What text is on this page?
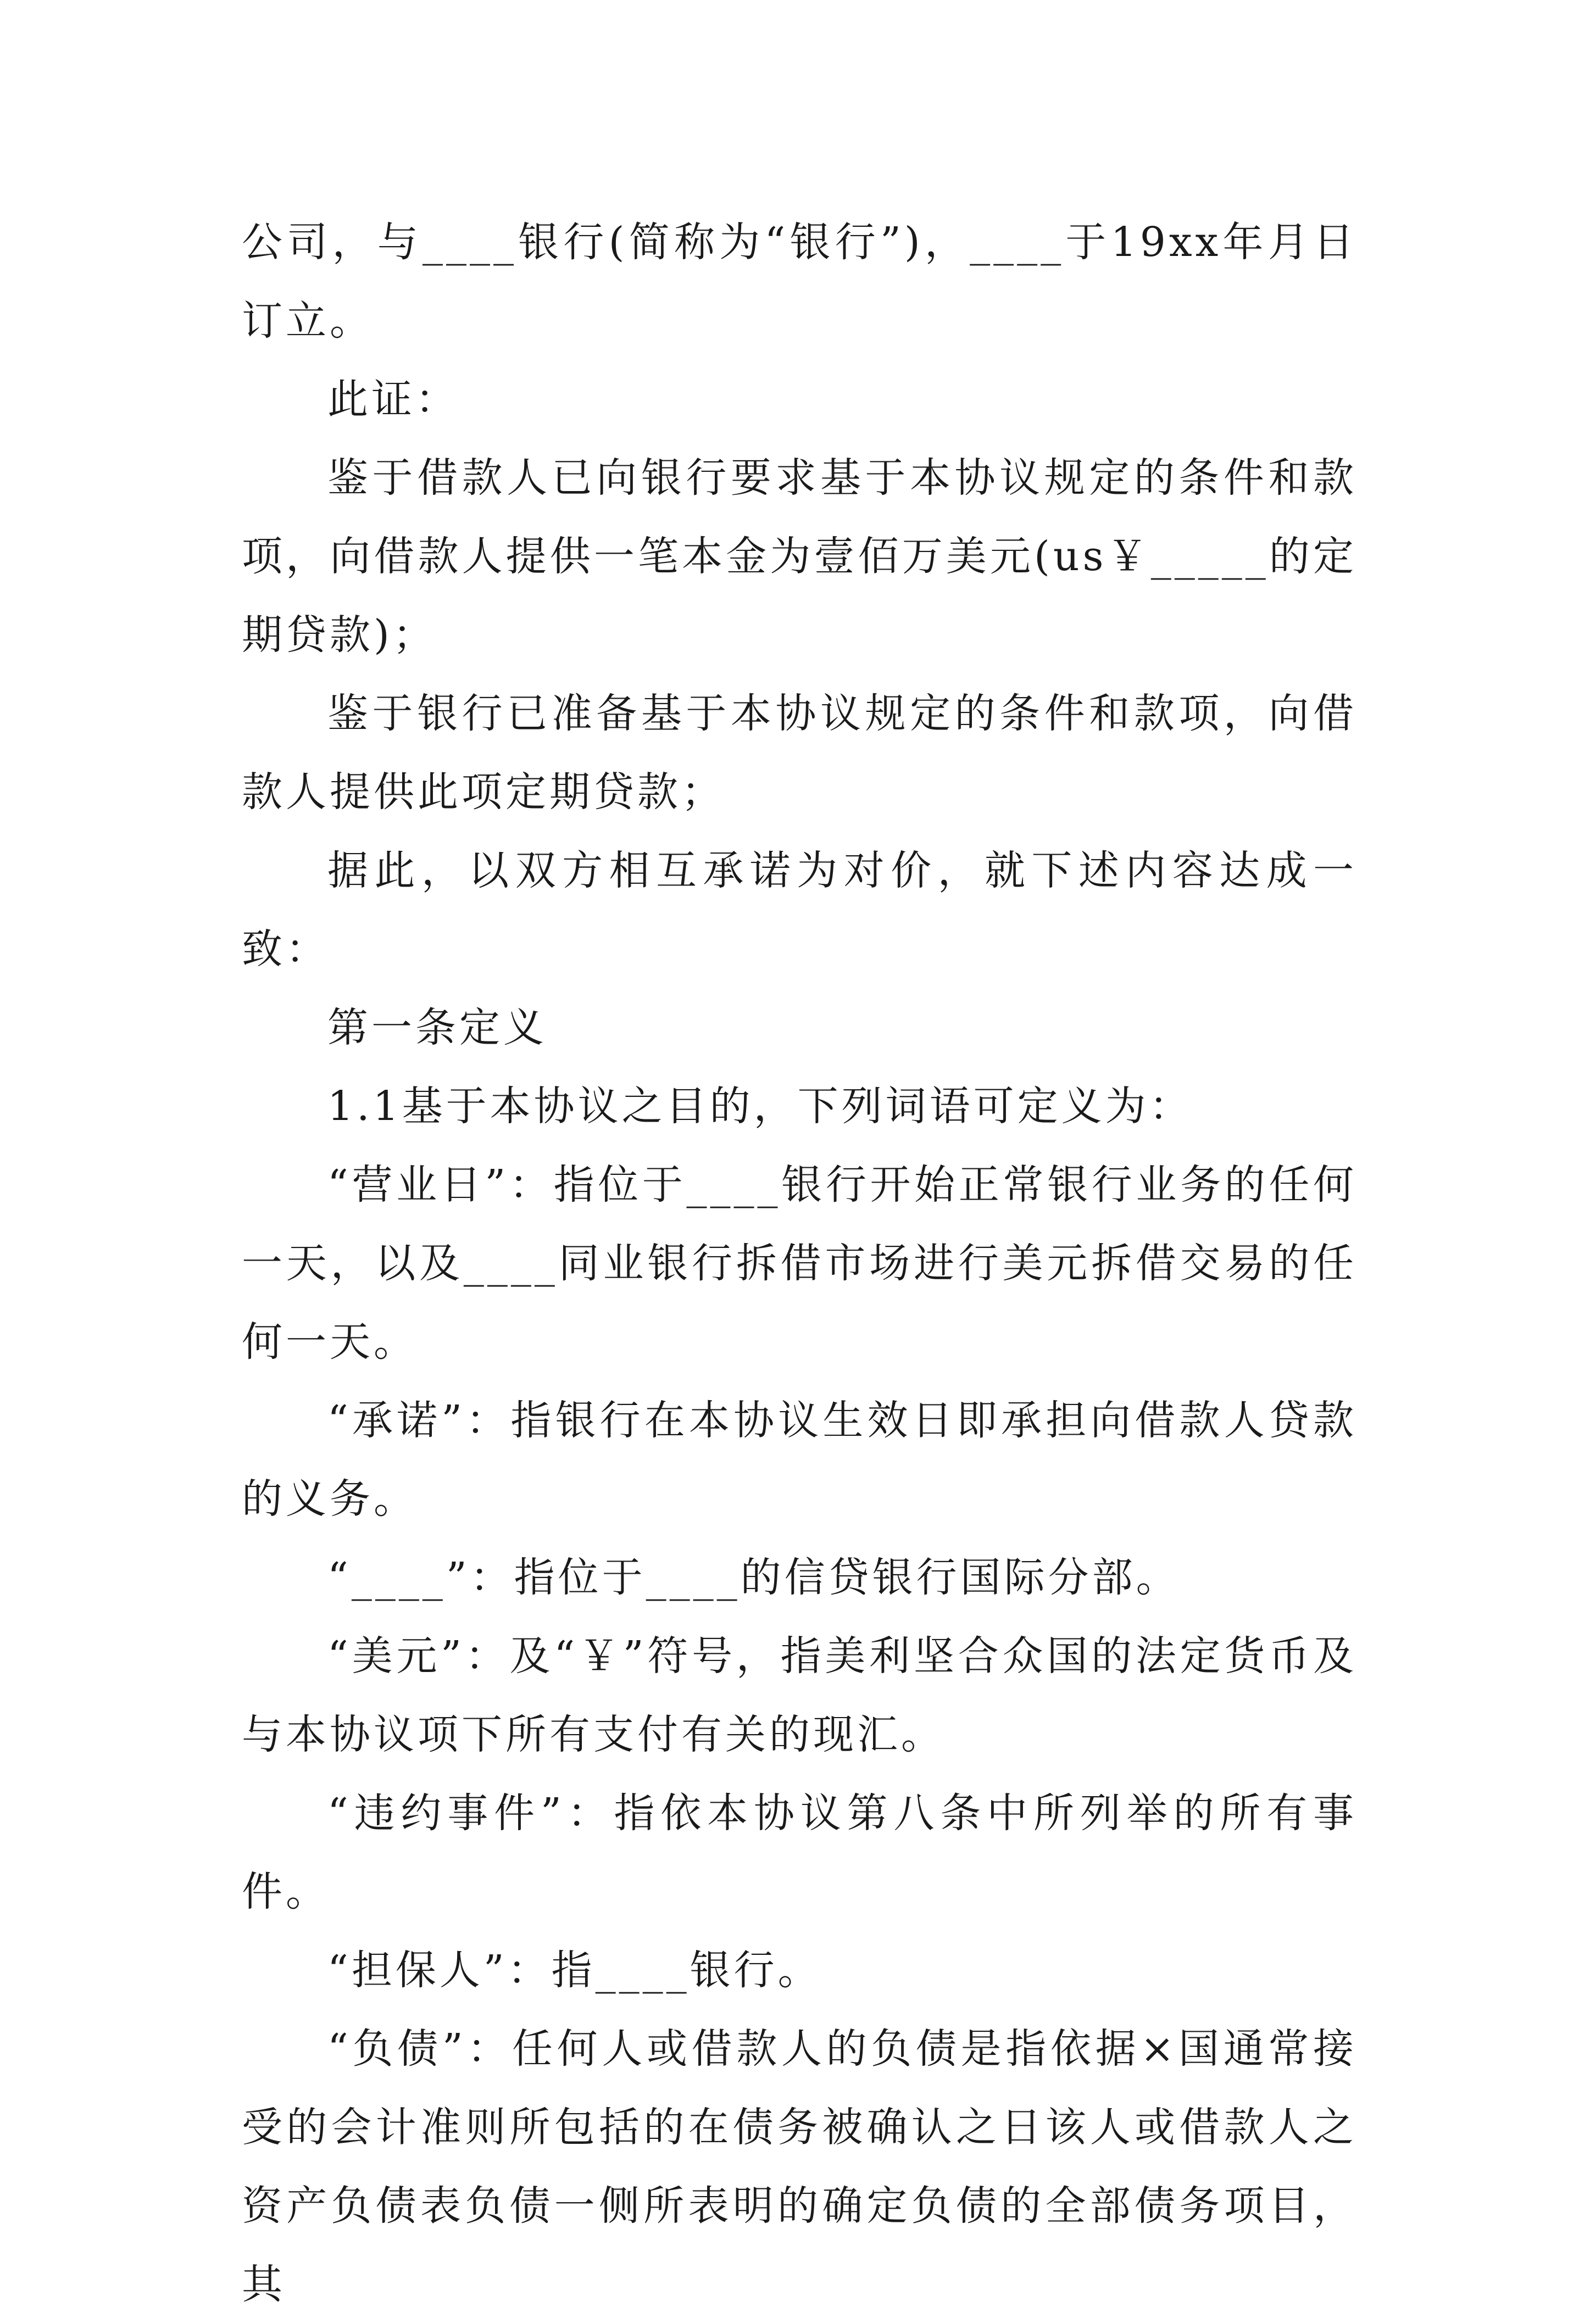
公司，与____银行(简称为“银行”)，____于19xx年月日订立。

此证：

鉴于借款人已向银行要求基于本协议规定的条件和款项，向借款人提供一笔本金为壹佰万美元(us￥_____的定期贷款)；

鉴于银行已准备基于本协议规定的条件和款项，向借款人提供此项定期贷款；

据此，以双方相互承诺为对价，就下述内容达成一致：

第一条定义

1.1基于本协议之目的，下列词语可定义为：

“营业日”：指位于____银行开始正常银行业务的任何一天，以及____同业银行拆借市场进行美元拆借交易的任何一天。

“承诺”：指银行在本协议生效日即承担向借款人贷款的义务。

“____”：指位于____的信贷银行国际分部。

“美元”：及“￥”符号，指美利坚合众国的法定货币及与本协议项下所有支付有关的现汇。

“违约事件”：指依本协议第八条中所列举的所有事件。

“担保人”：指____银行。

“负债”：任何人或借款人的负债是指依据×国通常接受的会计准则所包括的在债务被确认之日该人或借款人之资产负债表负债一侧所表明的确定负债的全部债务项目，其
